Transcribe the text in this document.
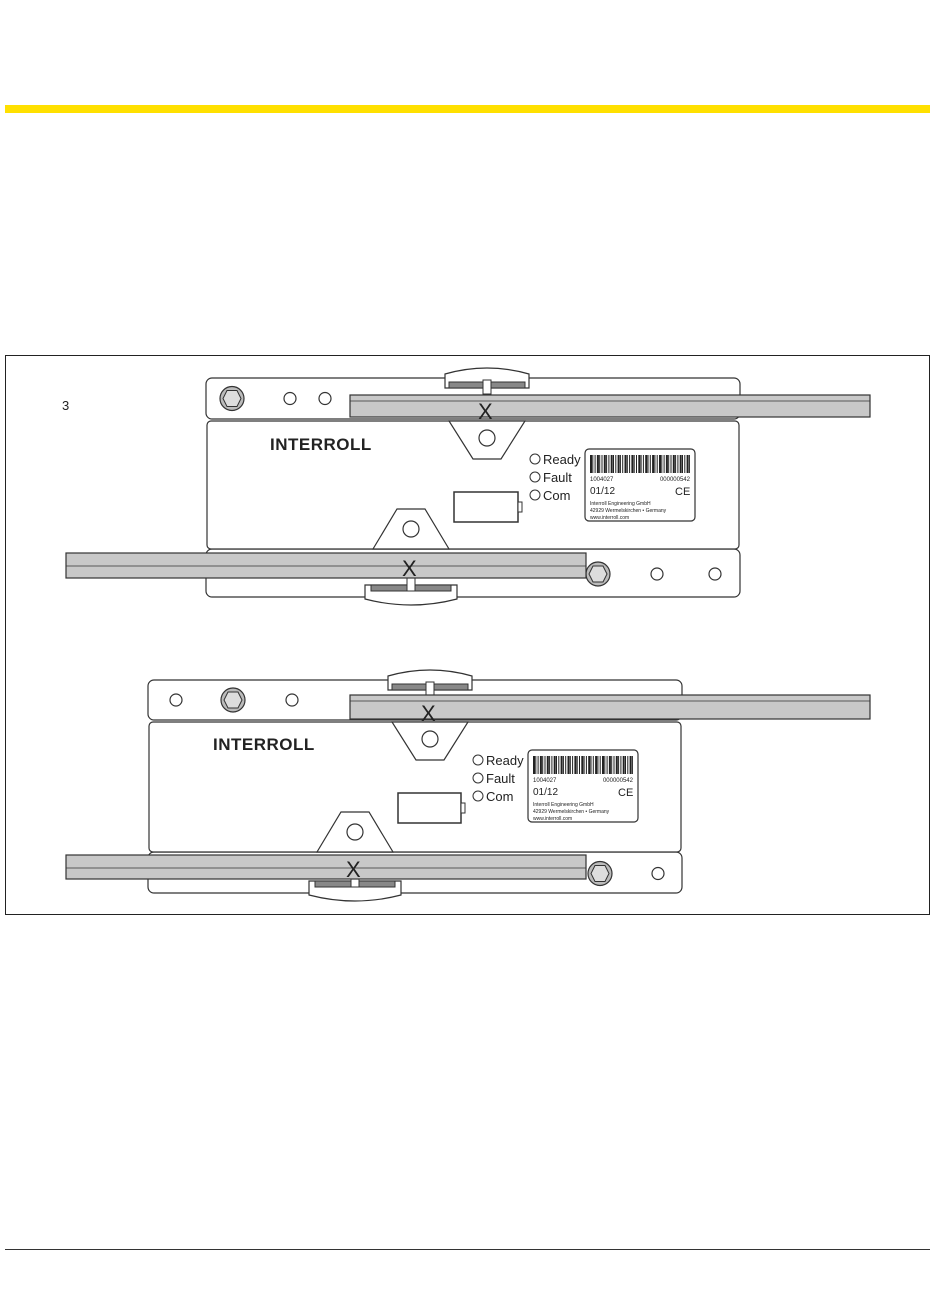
3	X
X
INTERROLL
Ready
Fault
Com
1004027	000000542
01/12	CE
Interroll Engineering GmbH
42929 Wermelskirchen • Germany
www.interroll.com
X
X
INTERROLL
Ready
Fault
Com
1004027	000000542
01/12	CE
Interroll Engineering GmbH
42929 Wermelskirchen • Germany
www.interroll.com
